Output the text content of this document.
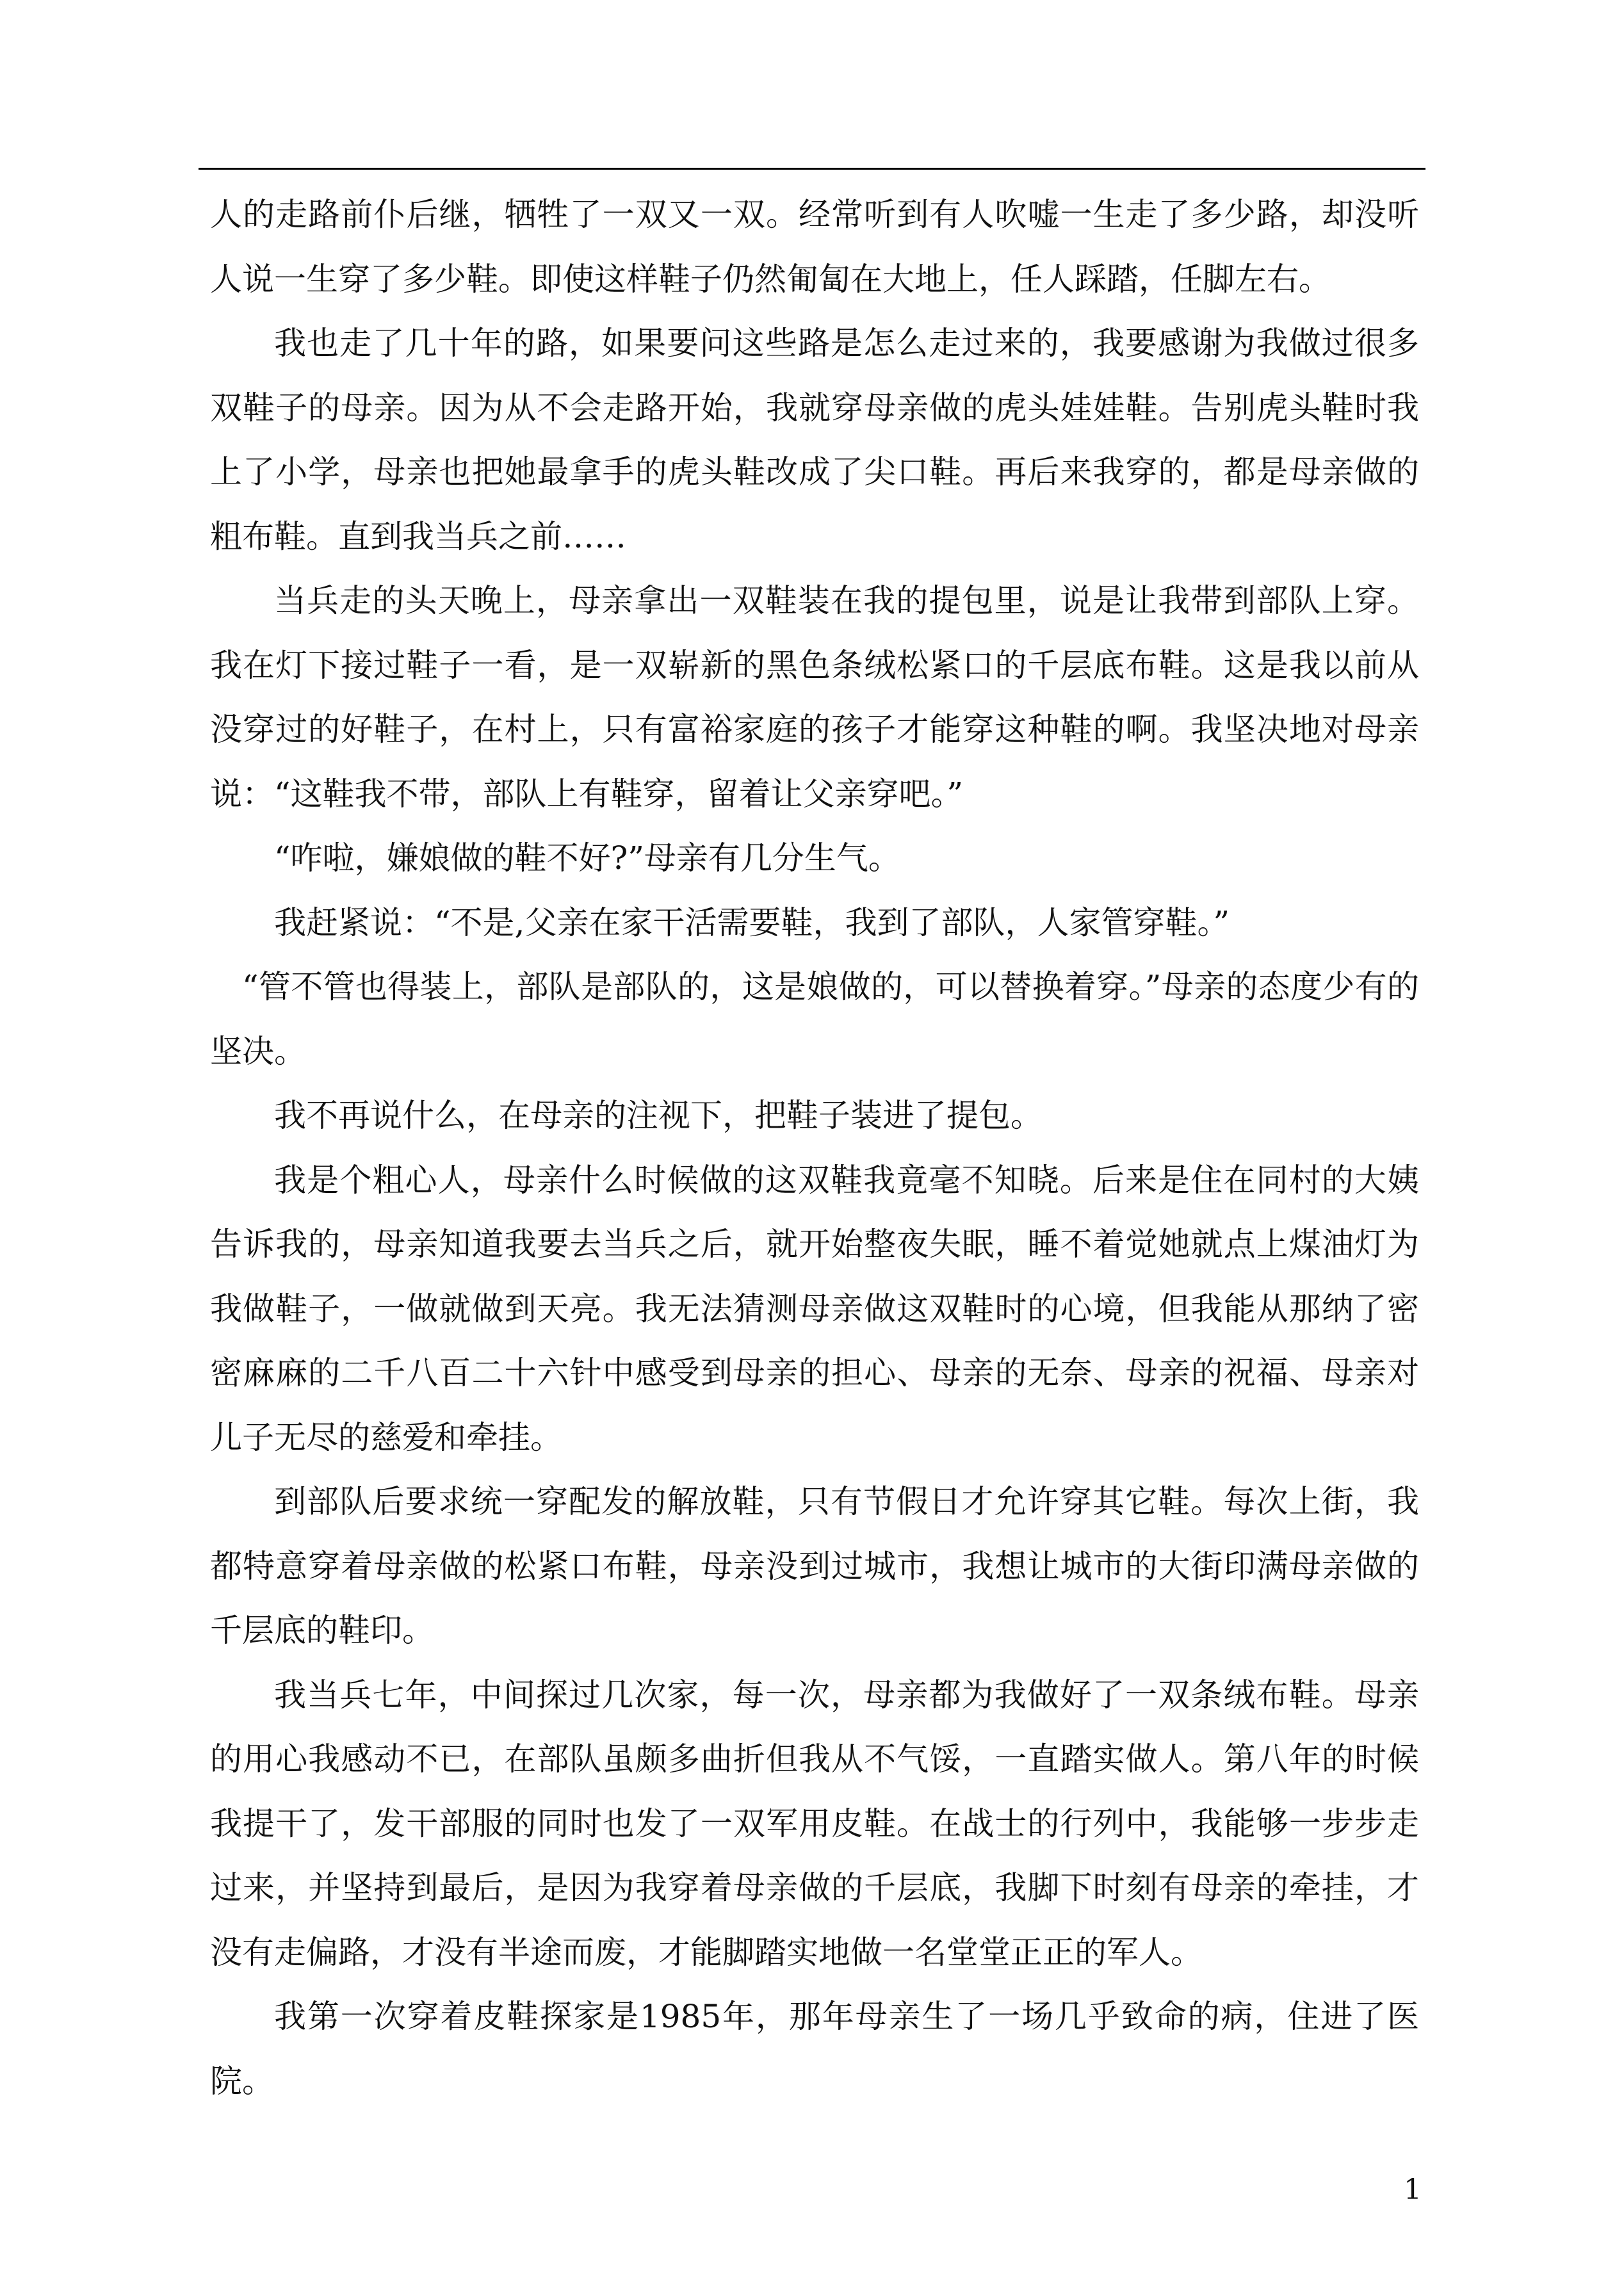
人的走路前仆后继，牺牲了一双又一双。经常听到有人吹嘘一生走了多少路，却没听人说一生穿了多少鞋。即使这样鞋子仍然匍匐在大地上，任人踩踏，任脚左右。

我也走了几十年的路，如果要问这些路是怎么走过来的，我要感谢为我做过很多双鞋子的母亲。因为从不会走路开始，我就穿母亲做的虎头娃娃鞋。告别虎头鞋时我上了小学，母亲也把她最拿手的虎头鞋改成了尖口鞋。再后来我穿的，都是母亲做的粗布鞋。直到我当兵之前……

当兵走的头天晚上，母亲拿出一双鞋装在我的提包里，说是让我带到部队上穿。我在灯下接过鞋子一看，是一双崭新的黑色条绒松紧口的千层底布鞋。这是我以前从没穿过的好鞋子，在村上，只有富裕家庭的孩子才能穿这种鞋的啊。我坚决地对母亲说：“这鞋我不带，部队上有鞋穿，留着让父亲穿吧。”

“咋啦，嫌娘做的鞋不好?”母亲有几分生气。

我赶紧说：“不是,父亲在家干活需要鞋，我到了部队，人家管穿鞋。”

“管不管也得装上，部队是部队的，这是娘做的，可以替换着穿。”母亲的态度少有的坚决。

我不再说什么，在母亲的注视下，把鞋子装进了提包。

我是个粗心人，母亲什么时候做的这双鞋我竟毫不知晓。后来是住在同村的大姨告诉我的，母亲知道我要去当兵之后，就开始整夜失眠，睡不着觉她就点上煤油灯为我做鞋子，一做就做到天亮。我无法猜测母亲做这双鞋时的心境，但我能从那纳了密密麻麻的二千八百二十六针中感受到母亲的担心、母亲的无奈、母亲的祝福、母亲对儿子无尽的慈爱和牵挂。

到部队后要求统一穿配发的解放鞋，只有节假日才允许穿其它鞋。每次上街，我都特意穿着母亲做的松紧口布鞋，母亲没到过城市，我想让城市的大街印满母亲做的千层底的鞋印。

我当兵七年，中间探过几次家，每一次，母亲都为我做好了一双条绒布鞋。母亲的用心我感动不已，在部队虽颇多曲折但我从不气馁，一直踏实做人。第八年的时候我提干了，发干部服的同时也发了一双军用皮鞋。在战士的行列中，我能够一步步走过来，并坚持到最后，是因为我穿着母亲做的千层底，我脚下时刻有母亲的牵挂，才没有走偏路，才没有半途而废，才能脚踏实地做一名堂堂正正的军人。

我第一次穿着皮鞋探家是1985年，那年母亲生了一场几乎致命的病，住进了医院。

1
